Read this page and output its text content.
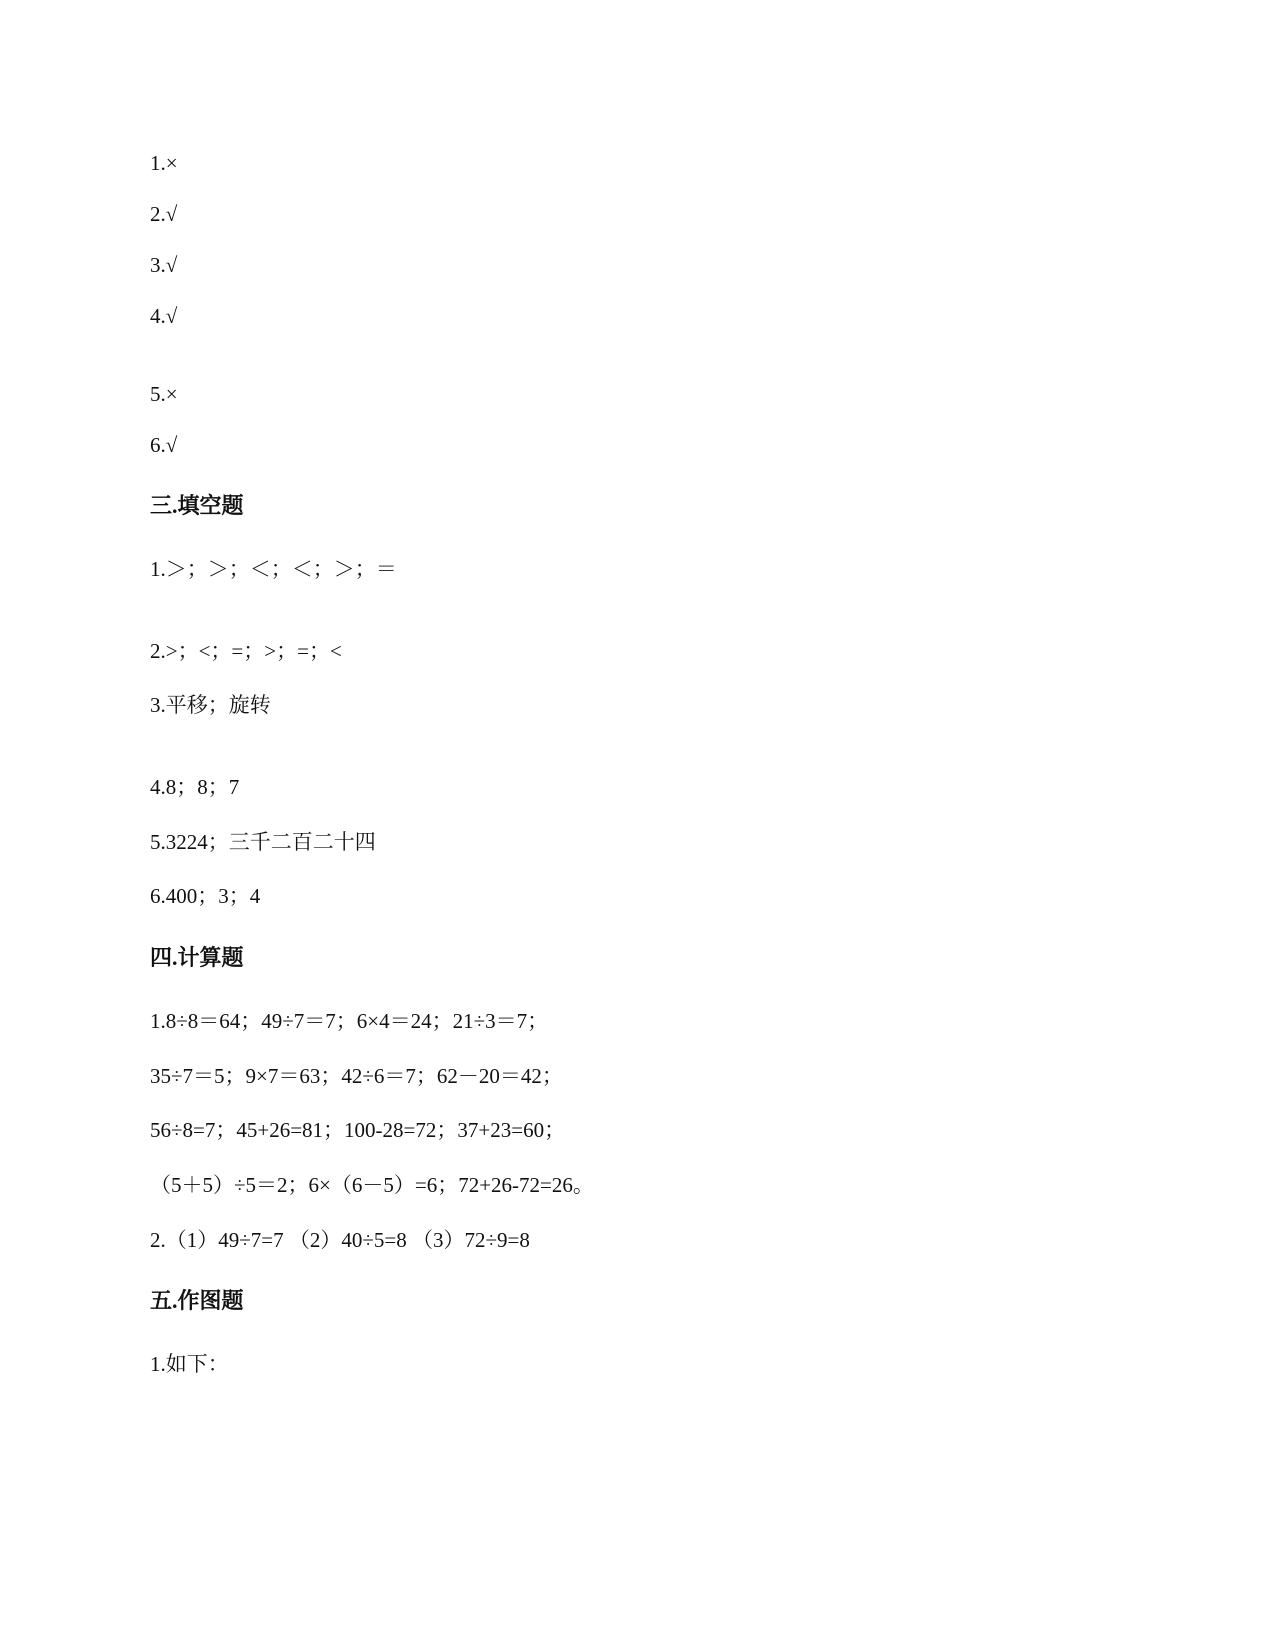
1.×
2.√
3.√
4.√
5.×
6.√
三.填空题
1.＞；＞；＜；＜；＞；＝
2.>；<；=；>；=；<
3.平移；旋转
4.8；8；7
5.3224；三千二百二十四
6.400；3；4
四.计算题
1.8÷8＝64；49÷7＝7；6×4＝24；21÷3＝7；
35÷7＝5；9×7＝63；42÷6＝7；62－20＝42；
56÷8=7；45+26=81；100-28=72；37+23=60；
（5＋5）÷5＝2；6×（6－5）=6；72+26-72=26。
2.（1）49÷7=7 （2）40÷5=8 （3）72÷9=8
五.作图题
1.如下：
